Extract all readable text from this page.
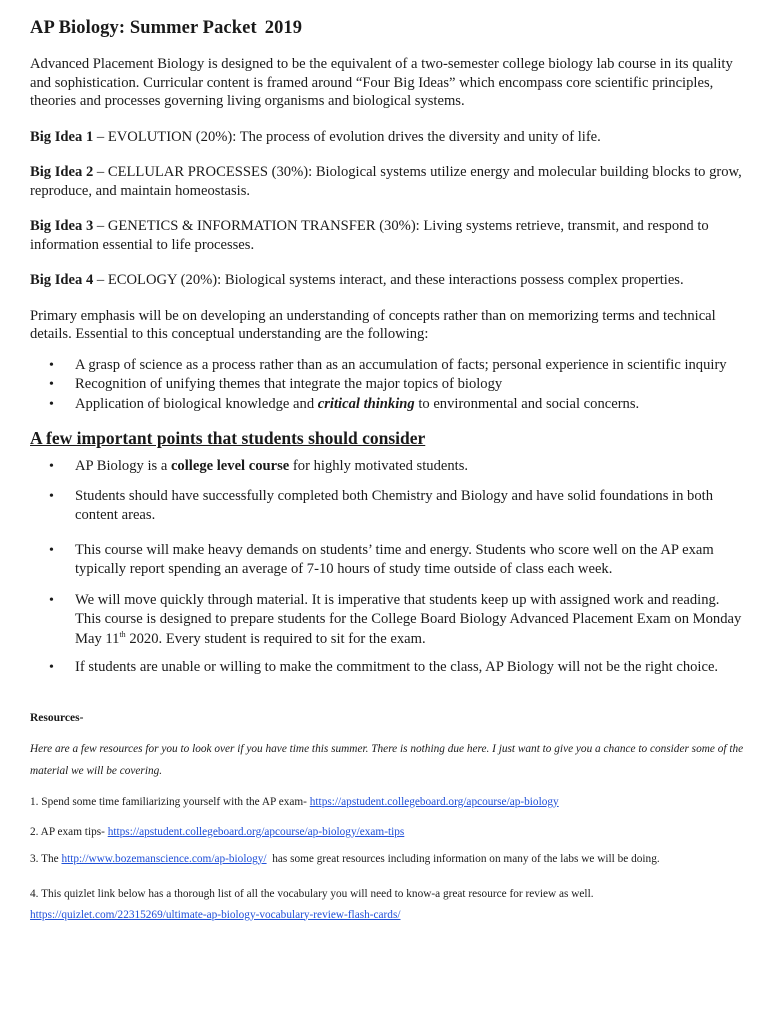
AP Biology: Summer Packet 2019

Advanced Placement Biology is designed to be the equivalent of a two-semester college biology lab course in its quality and sophistication. Curricular content is framed around “Four Big Ideas” which encompass core scientific principles, theories and processes governing living organisms and biological systems.

Big Idea 1 – EVOLUTION (20%): The process of evolution drives the diversity and unity of life.

Big Idea 2 – CELLULAR PROCESSES (30%): Biological systems utilize energy and molecular building blocks to grow, reproduce, and maintain homeostasis.

Big Idea 3 – GENETICS & INFORMATION TRANSFER (30%): Living systems retrieve, transmit, and respond to information essential to life processes.

Big Idea 4 – ECOLOGY (20%): Biological systems interact, and these interactions possess complex properties.

Primary emphasis will be on developing an understanding of concepts rather than on memorizing terms and technical details. Essential to this conceptual understanding are the following:

• A grasp of science as a process rather than as an accumulation of facts; personal experience in scientific inquiry
• Recognition of unifying themes that integrate the major topics of biology
• Application of biological knowledge and critical thinking to environmental and social concerns.
A few important points that students should consider
• AP Biology is a college level course for highly motivated students.
• Students should have successfully completed both Chemistry and Biology and have solid foundations in both content areas.
• This course will make heavy demands on students’ time and energy. Students who score well on the AP exam typically report spending an average of 7-10 hours of study time outside of class each week.
• We will move quickly through material. It is imperative that students keep up with assigned work and reading. This course is designed to prepare students for the College Board Biology Advanced Placement Exam on Monday May 11th 2020. Every student is required to sit for the exam.
• If students are unable or willing to make the commitment to the class, AP Biology will not be the right choice.
Resources-
Here are a few resources for you to look over if you have time this summer. There is nothing due here. I just want to give you a chance to consider some of the material we will be covering.
1. Spend some time familiarizing yourself with the AP exam- https://apstudent.collegeboard.org/apcourse/ap-biology
2. AP exam tips- https://apstudent.collegeboard.org/apcourse/ap-biology/exam-tips
3. The http://www.bozemanscience.com/ap-biology/  has some great resources including information on many of the labs we will be doing.
4. This quizlet link below has a thorough list of all the vocabulary you will need to know-a great resource for review as well.
https://quizlet.com/22315269/ultimate-ap-biology-vocabulary-review-flash-cards/
